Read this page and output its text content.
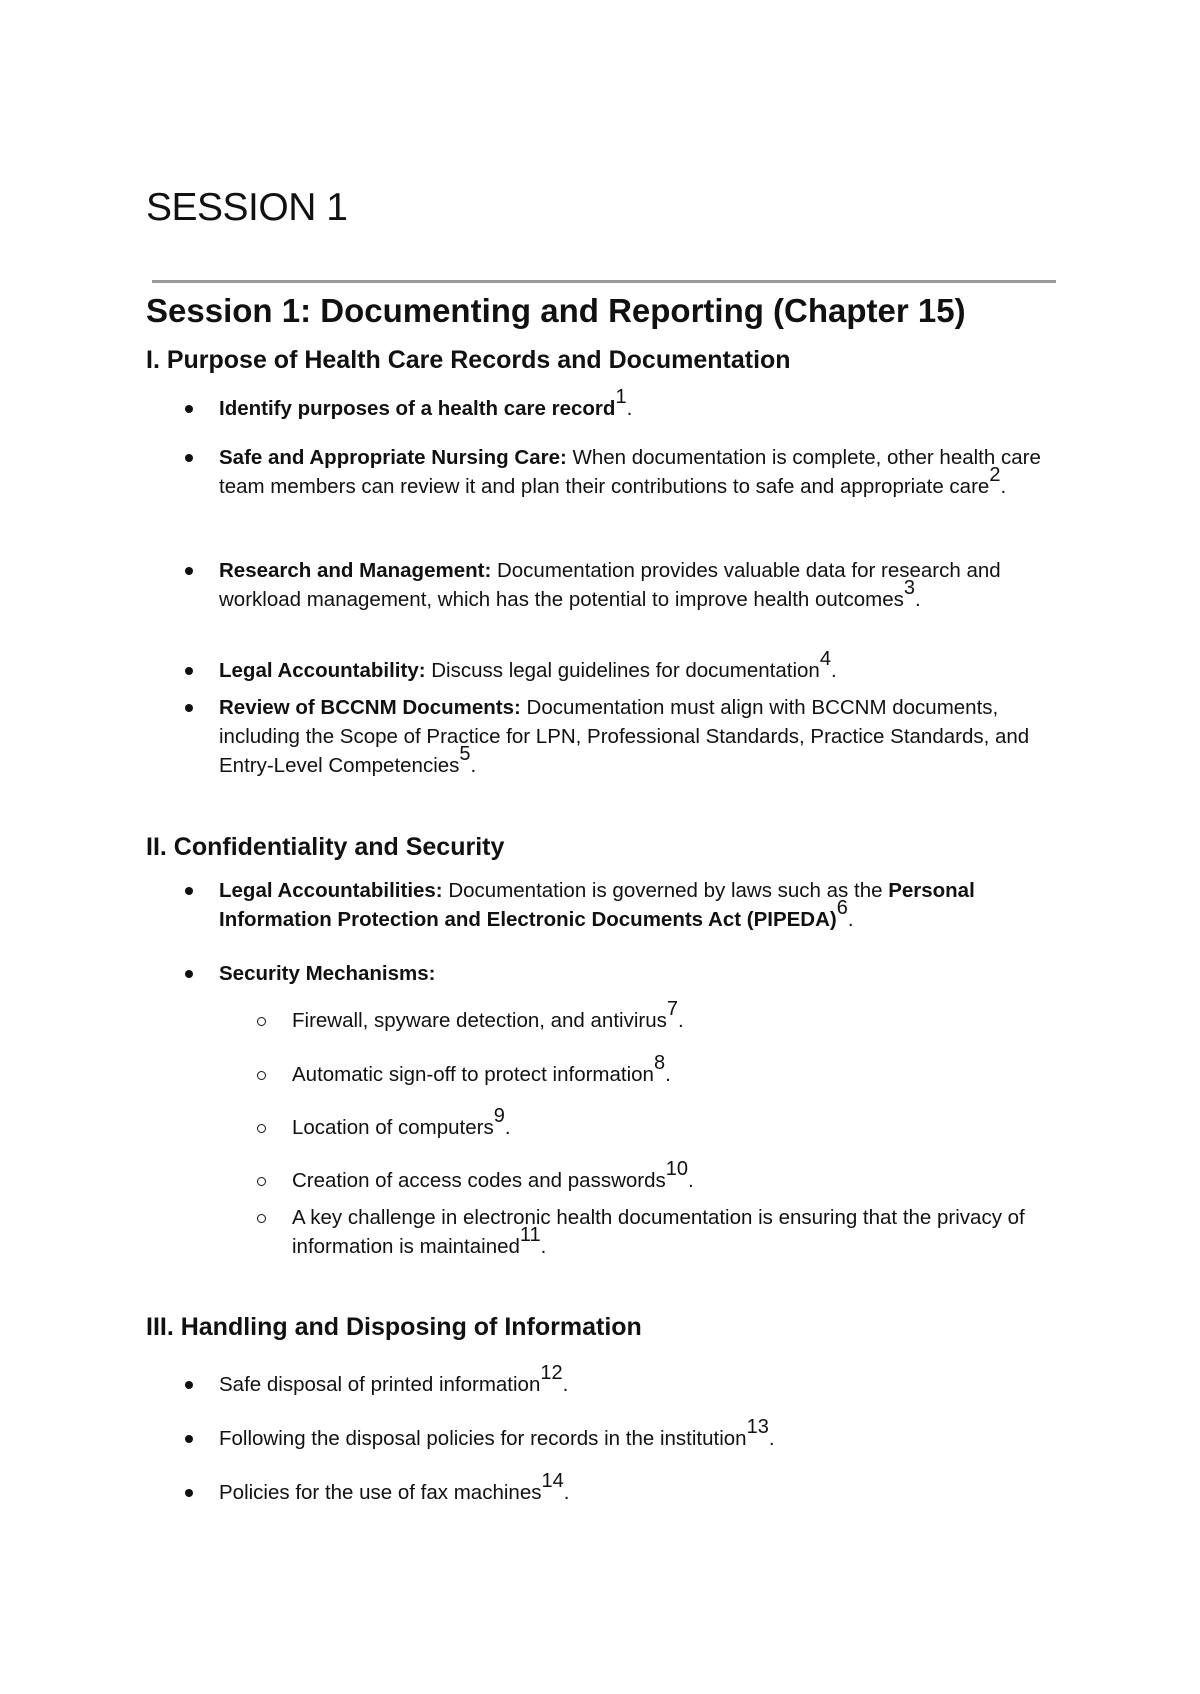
SESSION 1
Session 1: Documenting and Reporting (Chapter 15)
I. Purpose of Health Care Records and Documentation
Identify purposes of a health care record$^1$.
Safe and Appropriate Nursing Care: When documentation is complete, other health care team members can review it and plan their contributions to safe and appropriate care$^2$.
Research and Management: Documentation provides valuable data for research and workload management, which has the potential to improve health outcomes$^3$.
Legal Accountability: Discuss legal guidelines for documentation$^4$.
Review of BCCNM Documents: Documentation must align with BCCNM documents, including the Scope of Practice for LPN, Professional Standards, Practice Standards, and Entry-Level Competencies$^5$.
II. Confidentiality and Security
Legal Accountabilities: Documentation is governed by laws such as the Personal Information Protection and Electronic Documents Act (PIPEDA)$^6$.
Security Mechanisms:
Firewall, spyware detection, and antivirus$^7$.
Automatic sign-off to protect information$^8$.
Location of computers$^9$.
Creation of access codes and passwords$^{10}$.
A key challenge in electronic health documentation is ensuring that the privacy of information is maintained$^{11}$.
III. Handling and Disposing of Information
Safe disposal of printed information$^{12}$.
Following the disposal policies for records in the institution$^{13}$.
Policies for the use of fax machines$^{14}$.
